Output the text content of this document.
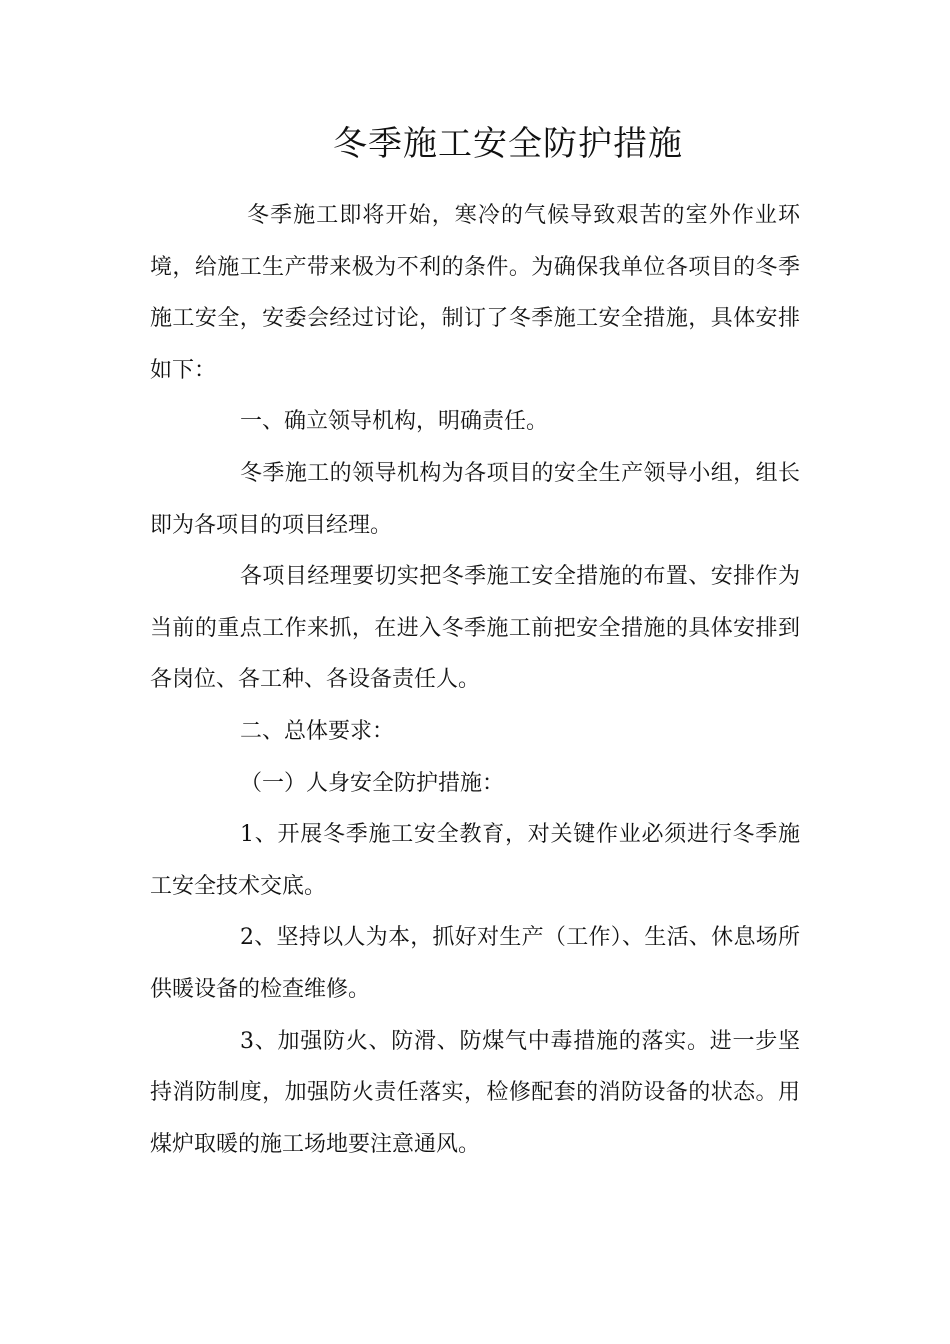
冬季施工安全防护措施

冬季施工即将开始，寒冷的气候导致艰苦的室外作业环境，给施工生产带来极为不利的条件。为确保我单位各项目的冬季施工安全，安委会经过讨论，制订了冬季施工安全措施，具体安排如下：

一、确立领导机构，明确责任。

冬季施工的领导机构为各项目的安全生产领导小组，组长即为各项目的项目经理。

各项目经理要切实把冬季施工安全措施的布置、安排作为当前的重点工作来抓，在进入冬季施工前把安全措施的具体安排到各岗位、各工种、各设备责任人。

二、总体要求：

（一）人身安全防护措施：

1、开展冬季施工安全教育，对关键作业必须进行冬季施工安全技术交底。

2、坚持以人为本，抓好对生产（工作）、生活、休息场所供暖设备的检查维修。

3、加强防火、防滑、防煤气中毒措施的落实。进一步坚持消防制度，加强防火责任落实，检修配套的消防设备的状态。用煤炉取暖的施工场地要注意通风。
